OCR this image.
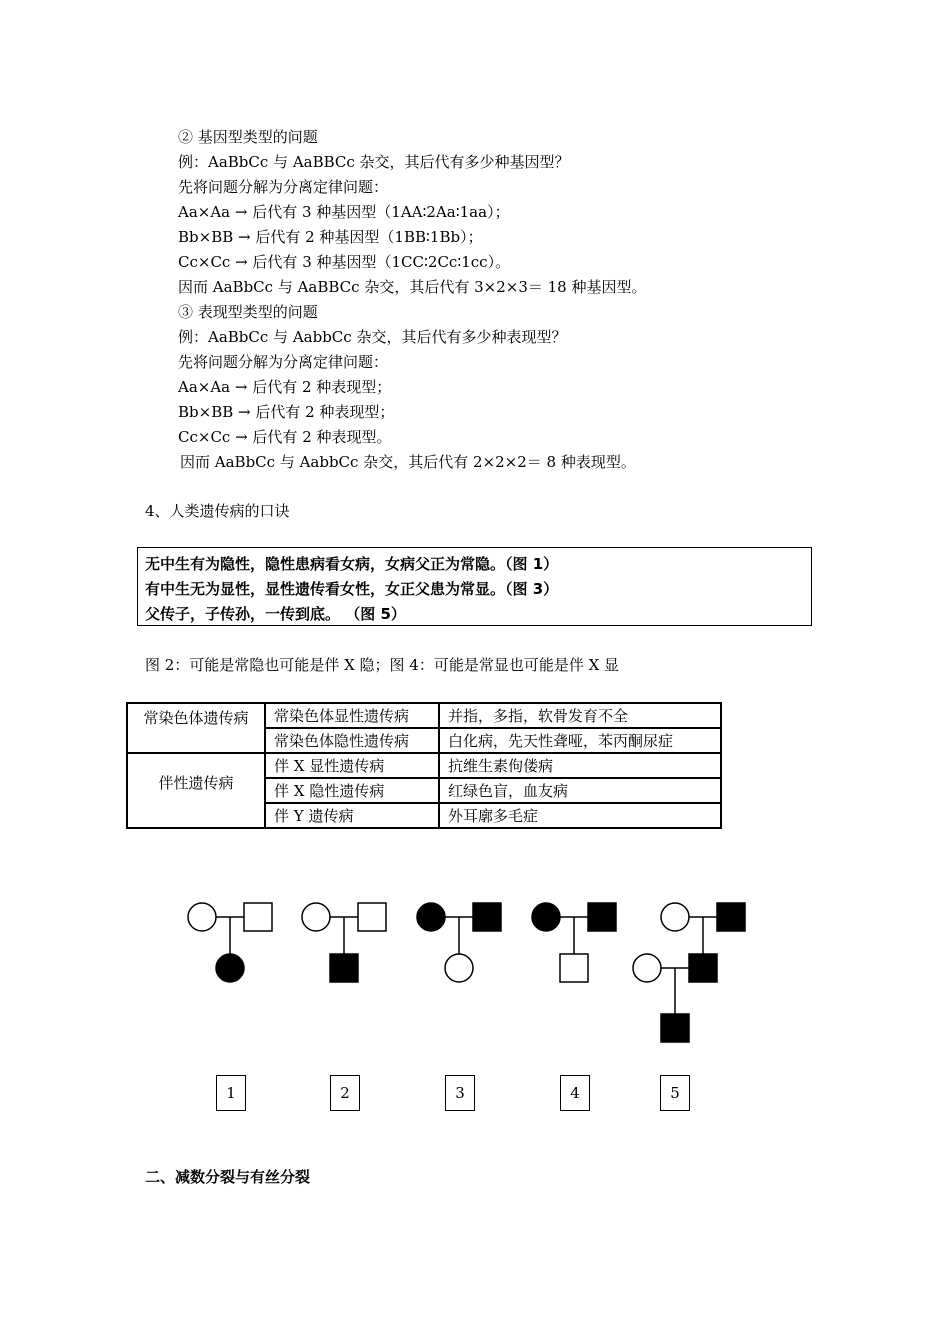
② 基因型类型的问题
例：AaBbCc 与 AaBBCc 杂交，其后代有多少种基因型？
先将问题分解为分离定律问题：
Aa×Aa → 后代有 3 种基因型（1AA∶2Aa∶1aa）；
Bb×BB → 后代有 2 种基因型（1BB∶1Bb）；
Cc×Cc → 后代有 3 种基因型（1CC∶2Cc∶1cc）。
因而 AaBbCc 与 AaBBCc 杂交，其后代有 3×2×3＝ 18 种基因型。
③ 表现型类型的问题
例：AaBbCc 与 AabbCc 杂交，其后代有多少种表现型？
先将问题分解为分离定律问题：
Aa×Aa → 后代有 2 种表现型；
Bb×BB → 后代有 2 种表现型；
Cc×Cc → 后代有 2 种表现型。
因而 AaBbCc 与 AabbCc 杂交，其后代有 2×2×2＝ 8 种表现型。
4、人类遗传病的口诀
无中生有为隐性，隐性患病看女病，女病父正为常隐。（图 1）
有中生无为显性，显性遗传看女性，女正父患为常显。（图 3）
父传子，子传孙，一传到底。 （图 5）
图 2：可能是常隐也可能是伴 X 隐；图 4：可能是常显也可能是伴 X 显
常染色体遗传病	常染色体显性遗传病	并指，多指，软骨发育不全
	常染色体隐性遗传病	白化病，先天性聋哑，苯丙酮尿症
伴性遗传病	伴 X 显性遗传病	抗维生素佝偻病
	伴 X 隐性遗传病	红绿色盲，血友病
	伴 Y 遗传病	外耳廓多毛症
1	2	3	4	5
二、减数分裂与有丝分裂
